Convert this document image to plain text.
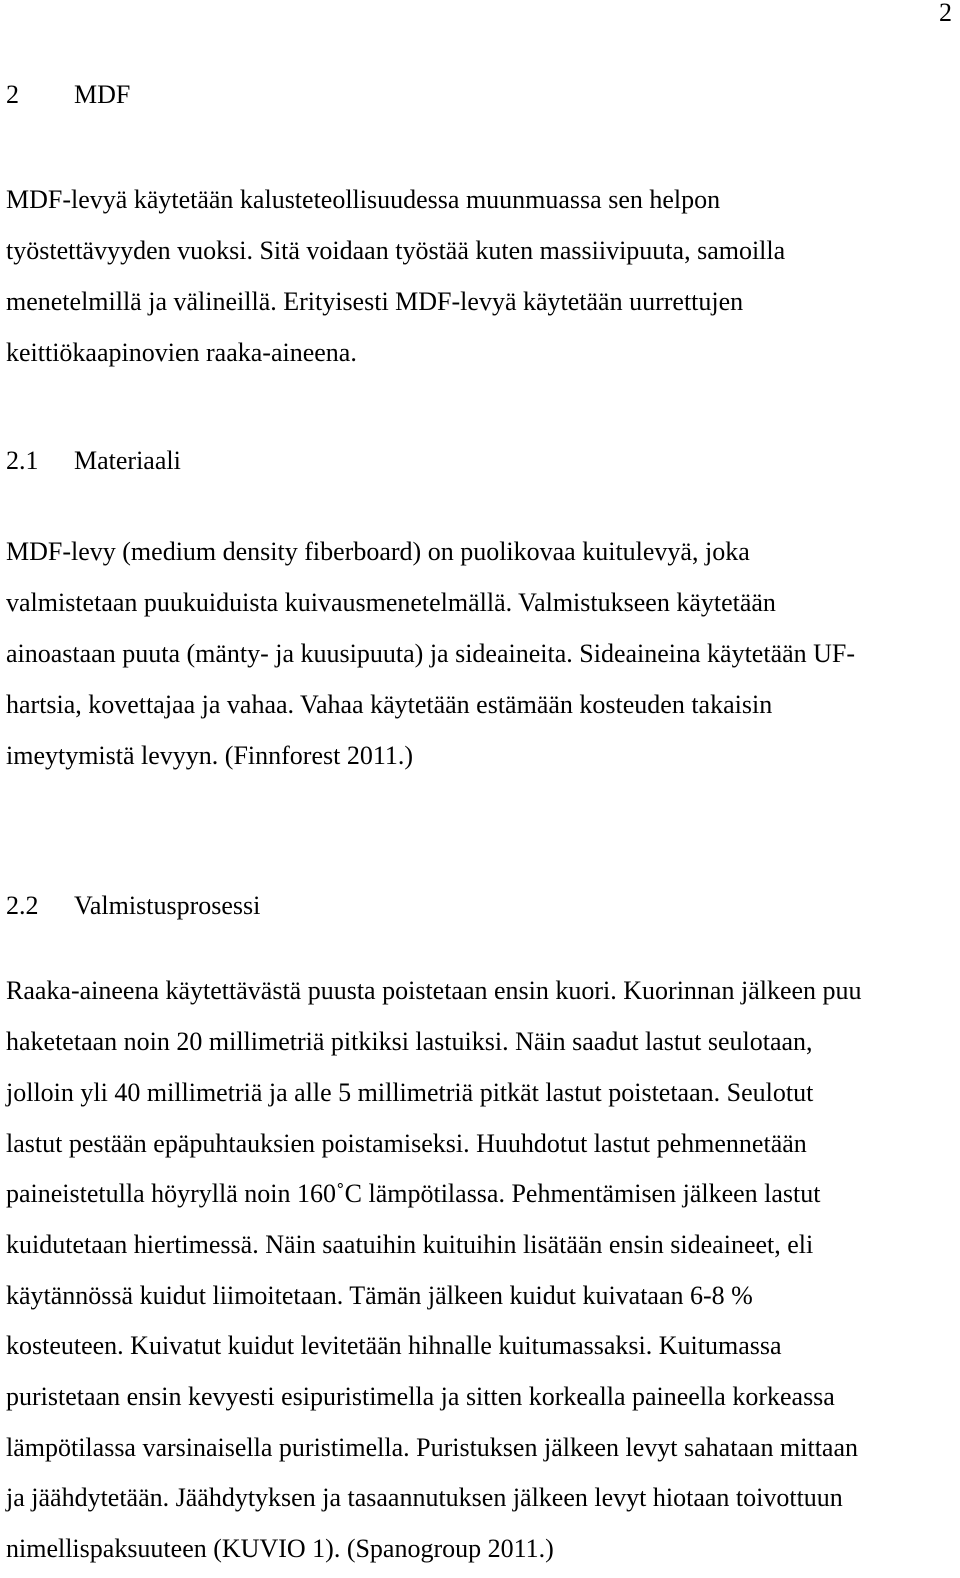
2
2 MDF
MDF-levyä käytetään kalusteteollisuudessa muunmuassa sen helpon
työstettävyyden vuoksi. Sitä voidaan työstää kuten massiivipuuta, samoilla
menetelmillä ja välineillä. Erityisesti MDF-levyä käytetään uurrettujen
keittiökaapinovien raaka-aineena.
2.1 Materiaali
MDF-levy (medium density fiberboard) on puolikovaa kuitulevyä, joka
valmistetaan puukuiduista kuivausmenetelmällä. Valmistukseen käytetään
ainoastaan puuta (mänty- ja kuusipuuta) ja sideaineita. Sideaineina käytetään UF-
hartsia, kovettajaa ja vahaa. Vahaa käytetään estämään kosteuden takaisin
imeytymistä levyyn. (Finnforest 2011.)
2.2 Valmistusprosessi
Raaka-aineena käytettävästä puusta poistetaan ensin kuori. Kuorinnan jälkeen puu
haketetaan noin 20 millimetriä pitkiksi lastuiksi. Näin saadut lastut seulotaan,
jolloin yli 40 millimetriä ja alle 5 millimetriä pitkät lastut poistetaan. Seulotut
lastut pestään epäpuhtauksien poistamiseksi. Huuhdotut lastut pehmennetään
paineistetulla höyryllä noin 160˚C lämpötilassa. Pehmentämisen jälkeen lastut
kuidutetaan hiertimessä. Näin saatuihin kuituihin lisätään ensin sideaineet, eli
käytännössä kuidut liimoitetaan. Tämän jälkeen kuidut kuivataan 6-8 %
kosteuteen. Kuivatut kuidut levitetään hihnalle kuitumassaksi. Kuitumassa
puristetaan ensin kevyesti esipuristimella ja sitten korkealla paineella korkeassa
lämpötilassa varsinaisella puristimella. Puristuksen jälkeen levyt sahataan mittaan
ja jäähdytetään. Jäähdytyksen ja tasaannutuksen jälkeen levyt hiotaan toivottuun
nimellispaksuuteen (KUVIO 1). (Spanogroup 2011.)
